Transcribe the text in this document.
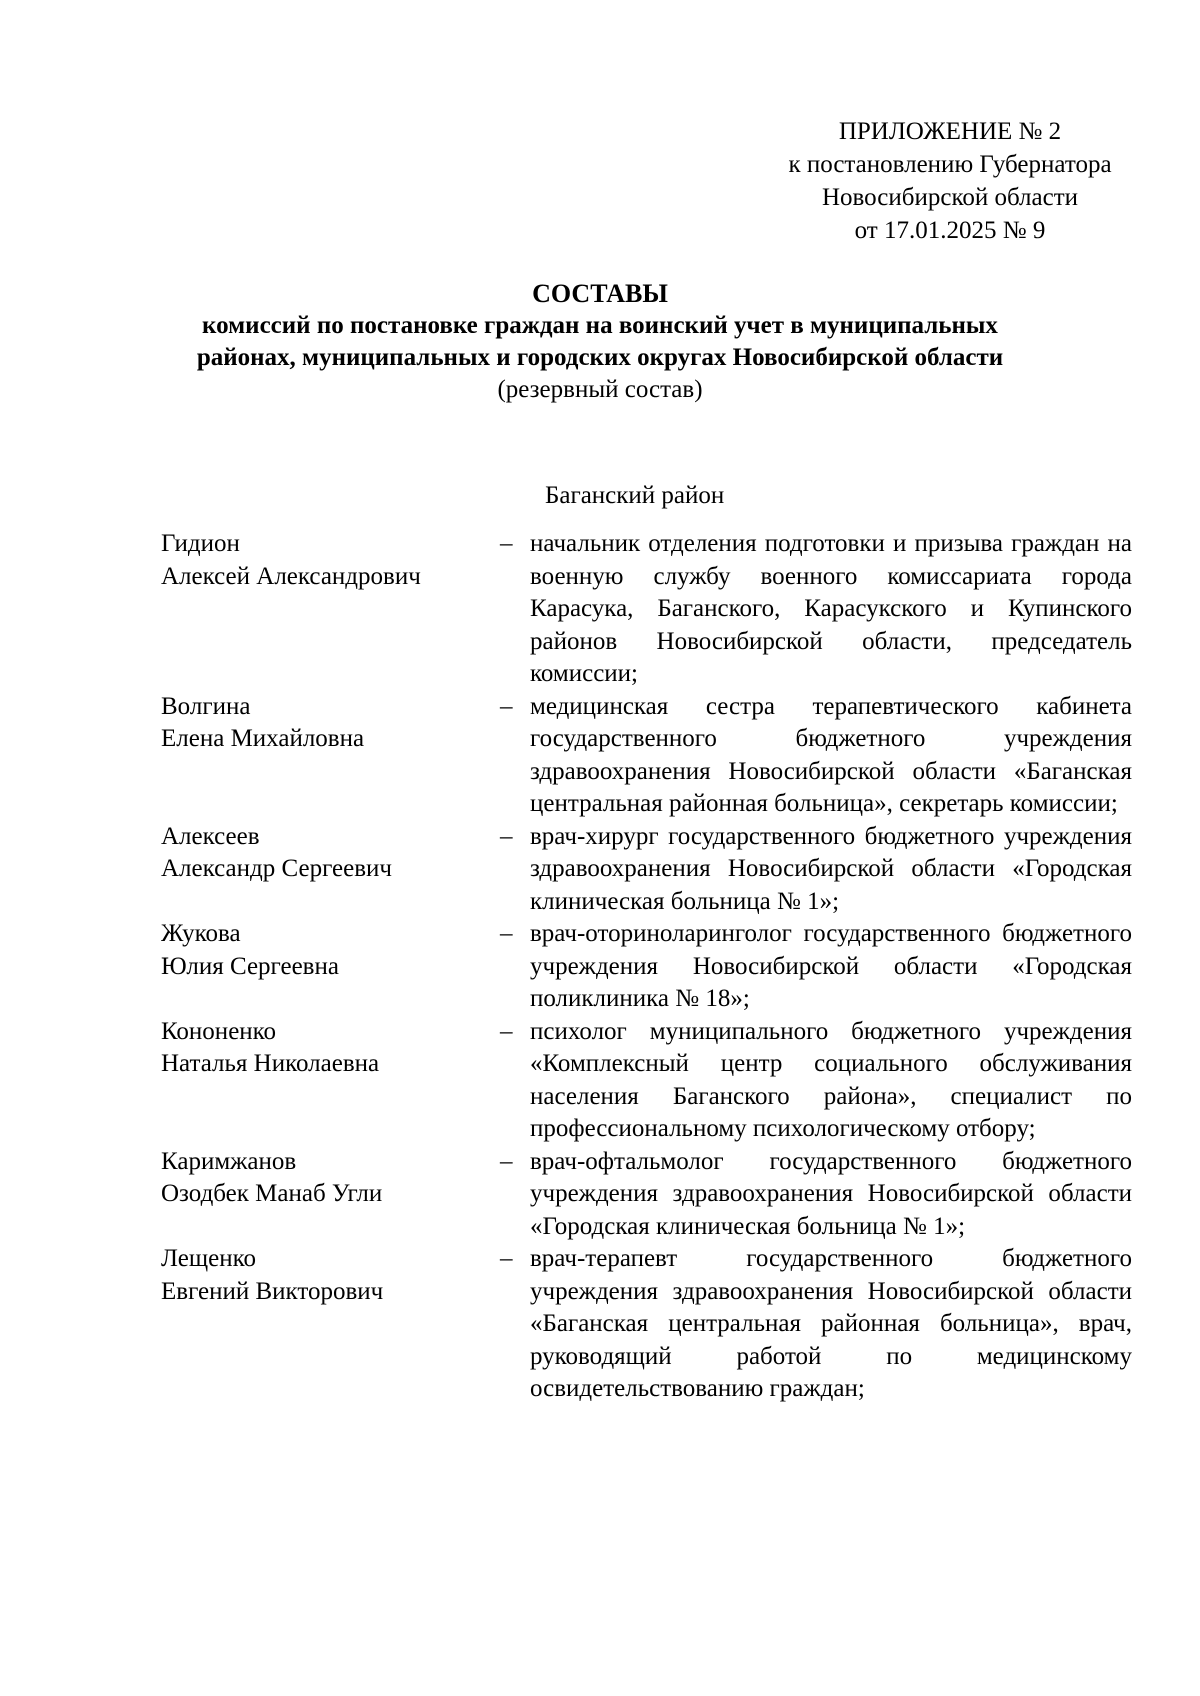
ПРИЛОЖЕНИЕ № 2
к постановлению Губернатора
Новосибирской области
от 17.01.2025 № 9
СОСТАВЫ
комиссий по постановке граждан на воинский учет в муниципальных районах, муниципальных и городских округах Новосибирской области
(резервный состав)
Баганский район
Гидион
Алексей Александрович
– начальник отделения подготовки и призыва граждан на военную службу военного комиссариата города Карасука, Баганского, Карасукского и Купинского районов Новосибирской области, председатель комиссии;
Волгина
Елена Михайловна
– медицинская сестра терапевтического кабинета государственного бюджетного учреждения здравоохранения Новосибирской области «Баганская центральная районная больница», секретарь комиссии;
Алексеев
Александр Сергеевич
– врач-хирург государственного бюджетного учреждения здравоохранения Новосибирской области «Городская клиническая больница № 1»;
Жукова
Юлия Сергеевна
– врач-оториноларинголог государственного бюджетного учреждения Новосибирской области «Городская поликлиника № 18»;
Кононенко
Наталья Николаевна
– психолог муниципального бюджетного учреждения «Комплексный центр социального обслуживания населения Баганского района», специалист по профессиональному психологическому отбору;
Каримжанов
Озодбек Манаб Угли
– врач-офтальмолог государственного бюджетного учреждения здравоохранения Новосибирской области «Городская клиническая больница № 1»;
Лещенко
Евгений Викторович
– врач-терапевт государственного бюджетного учреждения здравоохранения Новосибирской области «Баганская центральная районная больница», врач, руководящий работой по медицинскому освидетельствованию граждан;
